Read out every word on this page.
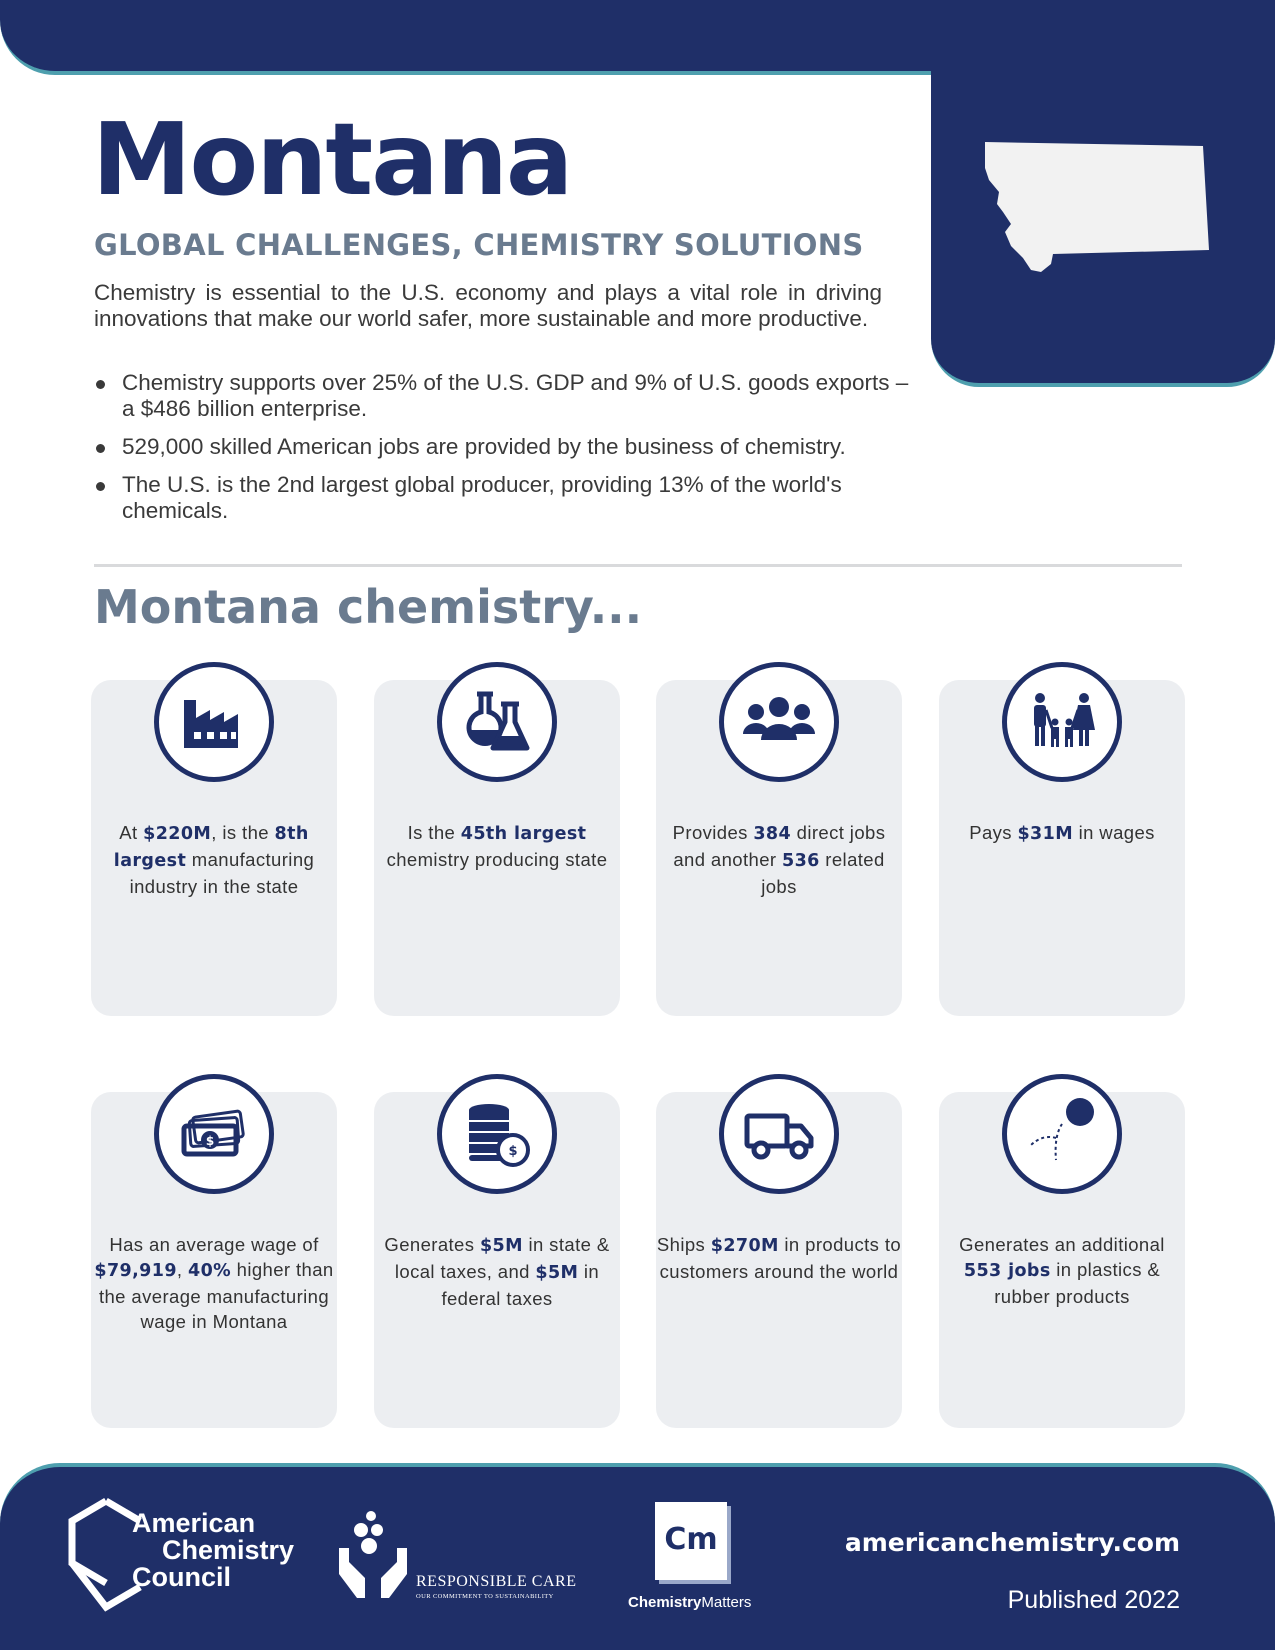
Montana
GLOBAL CHALLENGES, CHEMISTRY SOLUTIONS

Chemistry is essential to the U.S. economy and plays a vital role in driving innovations that make our world safer, more sustainable and more productive.

Chemistry supports over 25% of the U.S. GDP and 9% of U.S. goods exports – a $486 billion enterprise.
529,000 skilled American jobs are provided by the business of chemistry.
The U.S. is the 2nd largest global producer, providing 13% of the world's chemicals.
Montana chemistry...
$
$
At $220M, is the 8th largest manufacturing industry in the state
Is the 45th largest chemistry producing state
Provides 384 direct jobs and another 536 related jobs
Pays $31M in wages
Has an average wage of $79,919, 40% higher than the average manufacturing wage in Montana
Generates $5M in state & local taxes, and $5M in federal taxes
Ships $270M in products to customers around the world
Generates an additional 553 jobs in plastics & rubber products
American
Chemistry
Council	RESPONSIBLE CARE
OUR COMMITMENT TO SUSTAINABILITY
Cm
ChemistryMatters
americanchemistry.com
Published 2022
